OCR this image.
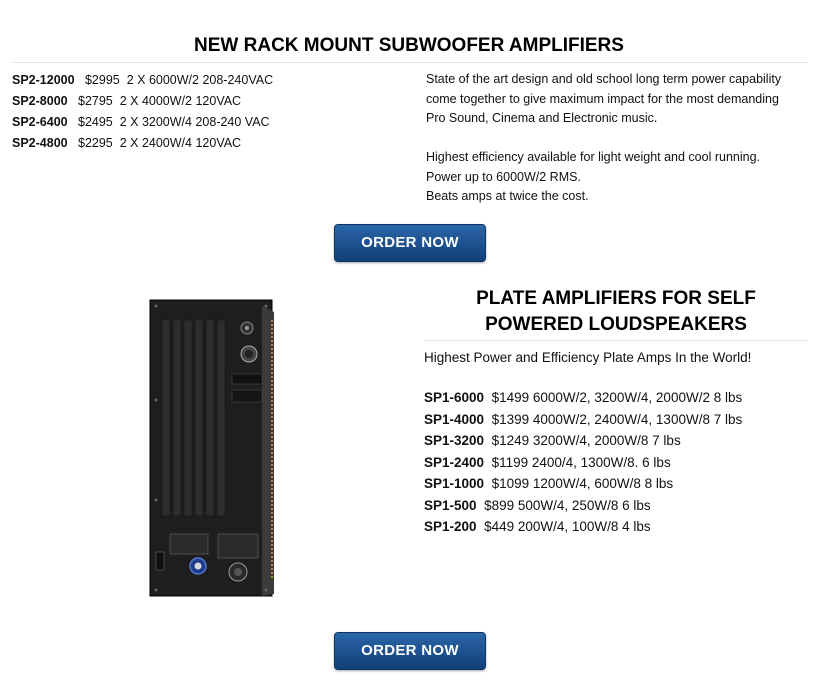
NEW RACK MOUNT SUBWOOFER AMPLIFIERS
SP2-12000 $2995 2 X 6000W/2 208-240VAC
SP2-8000 $2795 2 X 4000W/2 120VAC
SP2-6400 $2495 2 X 3200W/4 208-240 VAC
SP2-4800 $2295 2 X 2400W/4 120VAC

State of the art design and old school long term power capability

come together to give maximum impact for the most demanding

Pro Sound, Cinema and Electronic music.

Highest efficiency available for light weight and cool running.

Power up to 6000W/2 RMS.

Beats amps at twice the cost.

ORDER NOW
PLATE AMPLIFIERS FOR SELF
POWERED LOUDSPEAKERS
Highest Power and Efficiency Plate Amps In the World!
SP1-6000 $1499 6000W/2, 3200W/4, 2000W/2 8 lbs
SP1-4000 $1399 4000W/2, 2400W/4, 1300W/8 7 lbs
SP1-3200 $1249 3200W/4, 2000W/8 7 lbs
SP1-2400 $1199 2400/4, 1300W/8. 6 lbs
SP1-1000 $1099 1200W/4, 600W/8 8 lbs
SP1-500 $899 500W/4, 250W/8 6 lbs
SP1-200 $449 200W/4, 100W/8 4 lbs
ORDER NOW
